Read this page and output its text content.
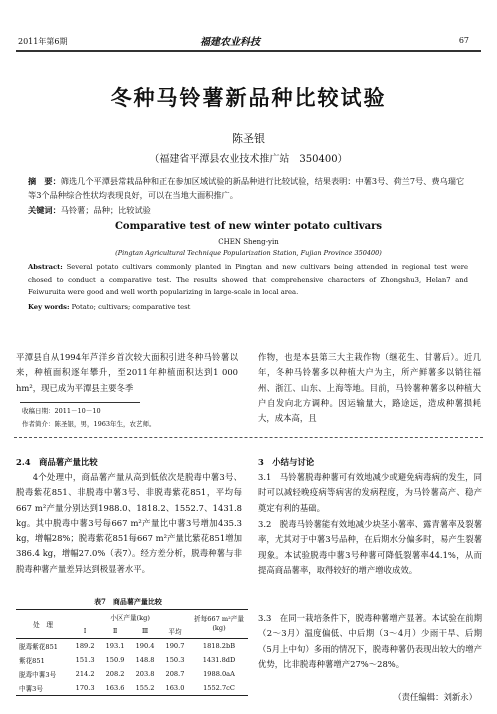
2011年第6期	福建农业科技	67
冬种马铃薯新品种比较试验
陈圣银
（福建省平潭县农业技术推广站　350400）
摘　要：筛选几个平潭县常栽品种和正在参加区域试验的新品种进行比较试验，结果表明：中薯3号、荷兰7号、费乌瑞它等3个品种综合性状均表现良好，可以在当地大面积推广。
关键词：马铃薯；品种；比较试验
Comparative test of new winter potato cultivars
CHEN Sheng-yin
(Pingtan Agricultural Technique Popularization Station, Fujian Province 350400)
Abstract: Several potato cultivars commonly planted in Pingtan and new cultivars being attended in regional test were chosed to conduct a comparative test. The results showed that comprehensive characters of Zhongshu3, Helan7 and Feiwuruita were good and well worth popularizing in large-scale in local area.
Key words: Potato; cultivars; comparative test
平潭县自从1994年芦洋乡首次较大面积引进冬种马铃薯以来，种植面积逐年攀升，至2011年种植面积达到1 000 hm²，现已成为平潭县主要冬季
作物，也是本县第三大主栽作物（继花生、甘薯后）。近几年，冬种马铃薯多以种植大户为主，所产鲜薯多以销往福州、浙江、山东、上海等地。目前，马铃薯种薯多以种植大户自发向北方调种。因运输量大，路途远，造成种薯损耗大，成本高，且
收稿日期：2011－10－10
作者简介：陈圣银，男，1963年生，农艺师。
2.4　商品薯产量比较
4个处理中，商品薯产量从高到低依次是脱毒中薯3号、脱毒紫花851、非脱毒中薯3号、非脱毒紫花851，平均每667 m²产量分别达到1988.0、1818.2、1552.7、1431.8 kg。其中脱毒中薯3号每667 m²产量比中薯3号增加435.3 kg，增幅28%；脱毒紫花851每667 m²产量比紫花851增加386.4 kg，增幅27.0%（表7）。经方差分析，脱毒种薯与非脱毒种薯产量差异达到极显著水平。
表7　商品薯产量比较
处　理	小区产量(kg)				折每667 m²产量(kg)
	Ⅰ	Ⅱ	Ⅲ	平均	
脱毒紫花851	189.2	193.1	190.4	190.7	1818.2bB
紫花851	151.3	150.9	148.8	150.3	1431.8dD
脱毒中薯3号	214.2	208.2	203.8	208.7	1988.0aA
中薯3号	170.3	163.6	155.2	163.0	1552.7cC
3　小结与讨论
3.1　马铃薯脱毒种薯可有效地减少或避免病毒病的发生，同时可以减轻晚疫病等病害的发病程度，为马铃薯高产、稳产奠定有利的基础。
3.2　脱毒马铃薯能有效地减少块茎小薯率、露青薯率及裂薯率，尤其对于中薯3号品种，在后期水分偏多时，易产生裂薯现象。本试验脱毒中薯3号种薯可降低裂薯率44.1%，从而提高商品薯率，取得较好的增产增收成效。
3.3　在同一栽培条件下，脱毒种薯增产显著。本试验在前期（2～3月）温度偏低、中后期（3～4月）少雨干旱、后期（5月上中旬）多雨的情况下，脱毒种薯仍表现出较大的增产优势，比非脱毒种薯增产27%～28%。
（责任编辑：刘新永）
